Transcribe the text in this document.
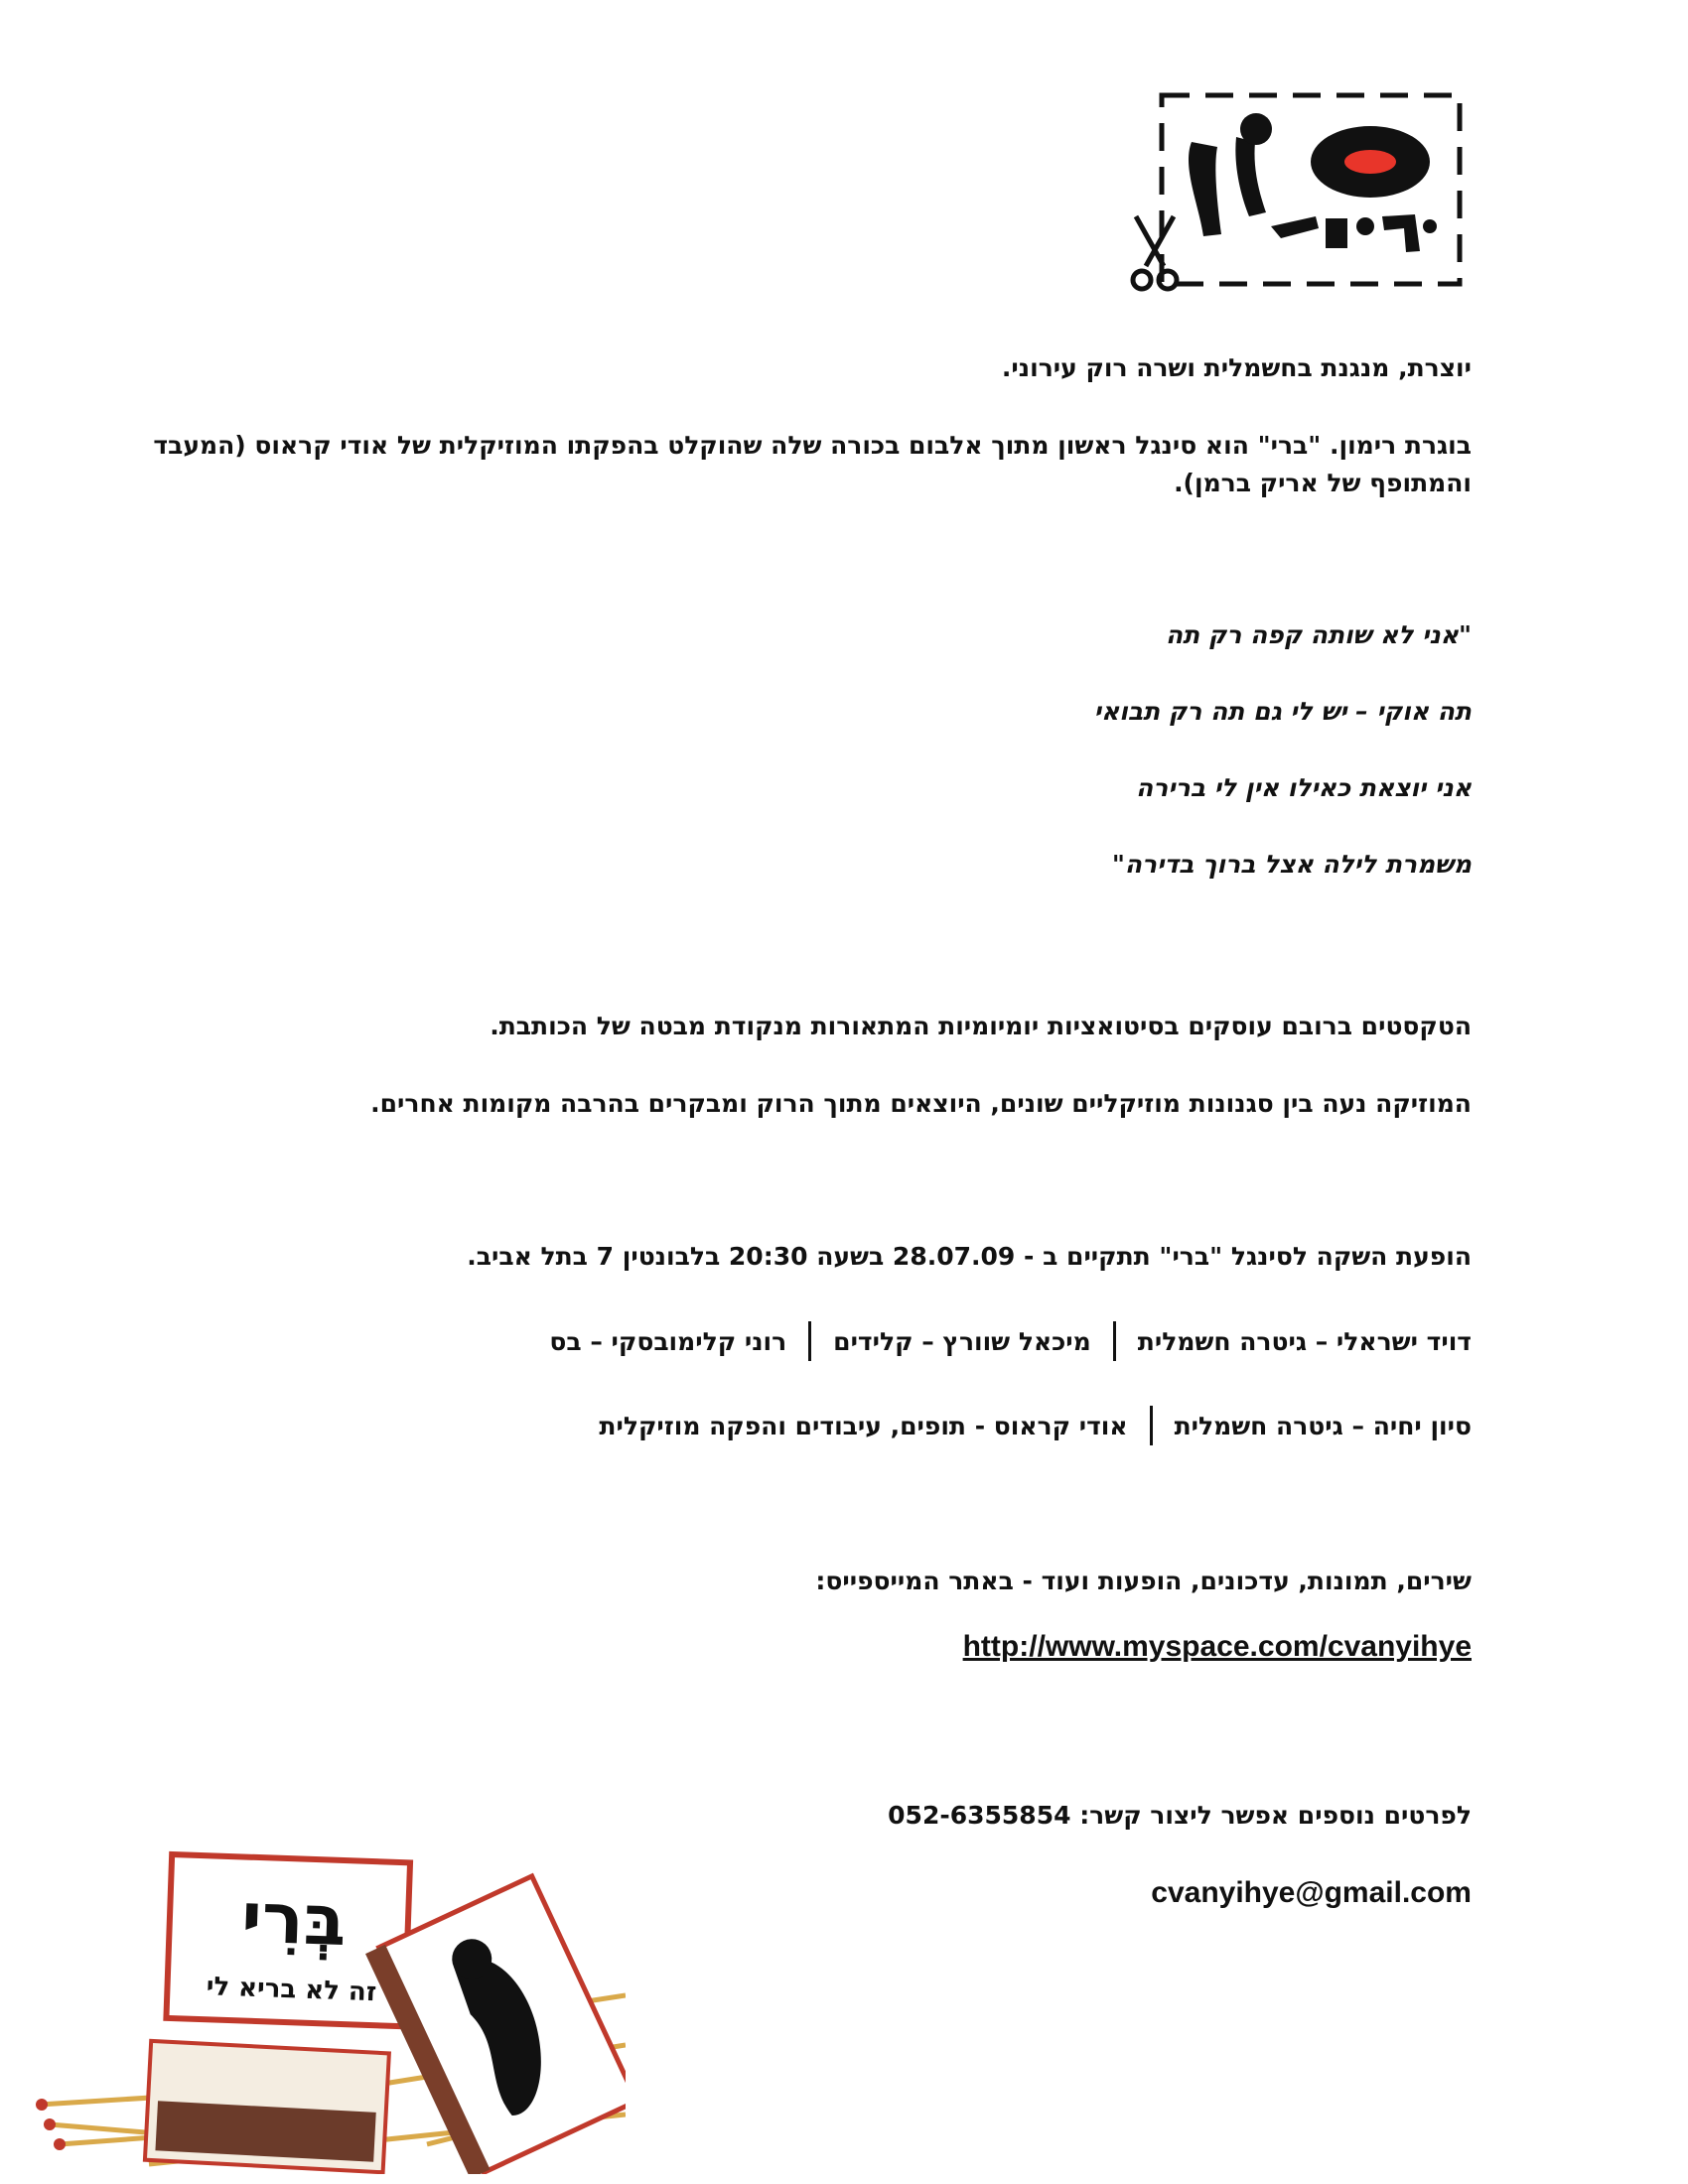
יוצרת, מנגנת בחשמלית ושרה רוק עירוני.
בוגרת רימון. "ברי" הוא סינגל ראשון מתוך אלבום בכורה שלה שהוקלט בהפקתו המוזיקלית של אודי קראוס (המעבד והמתופף של אריק ברמן).
"אני לא שותה קפה רק תה
תה אוקי – יש לי גם תה רק תבואי
אני יוצאת כאילו אין לי ברירה
משמרת לילה אצל ברוך בדירה"
הטקסטים ברובם עוסקים בסיטואציות יומיומיות המתאורות מנקודת מבטה של הכותבת.
המוזיקה נעה בין סגנונות מוזיקליים שונים, היוצאים מתוך הרוק ומבקרים בהרבה מקומות אחרים.
הופעת השקה לסינגל "ברי" תתקיים ב - 28.07.09 בשעה 20:30 בלבונטין 7 בתל אביב.
רוני קלימובסקי – בס מיכאל שוורץ – קלידים דויד ישראלי – גיטרה חשמלית
אודי קראוס - תופים, עיבודים והפקה מוזיקלית סיון יחיה – גיטרה חשמלית
שירים, תמונות, עדכונים, הופעות ועוד - באתר המייספייס:
http://www.myspace.com/cvanyihye
לפרטים נוספים אפשר ליצור קשר: 052-6355854
cvanyihye@gmail.com
בְּרִי
זה לא בריא לי
